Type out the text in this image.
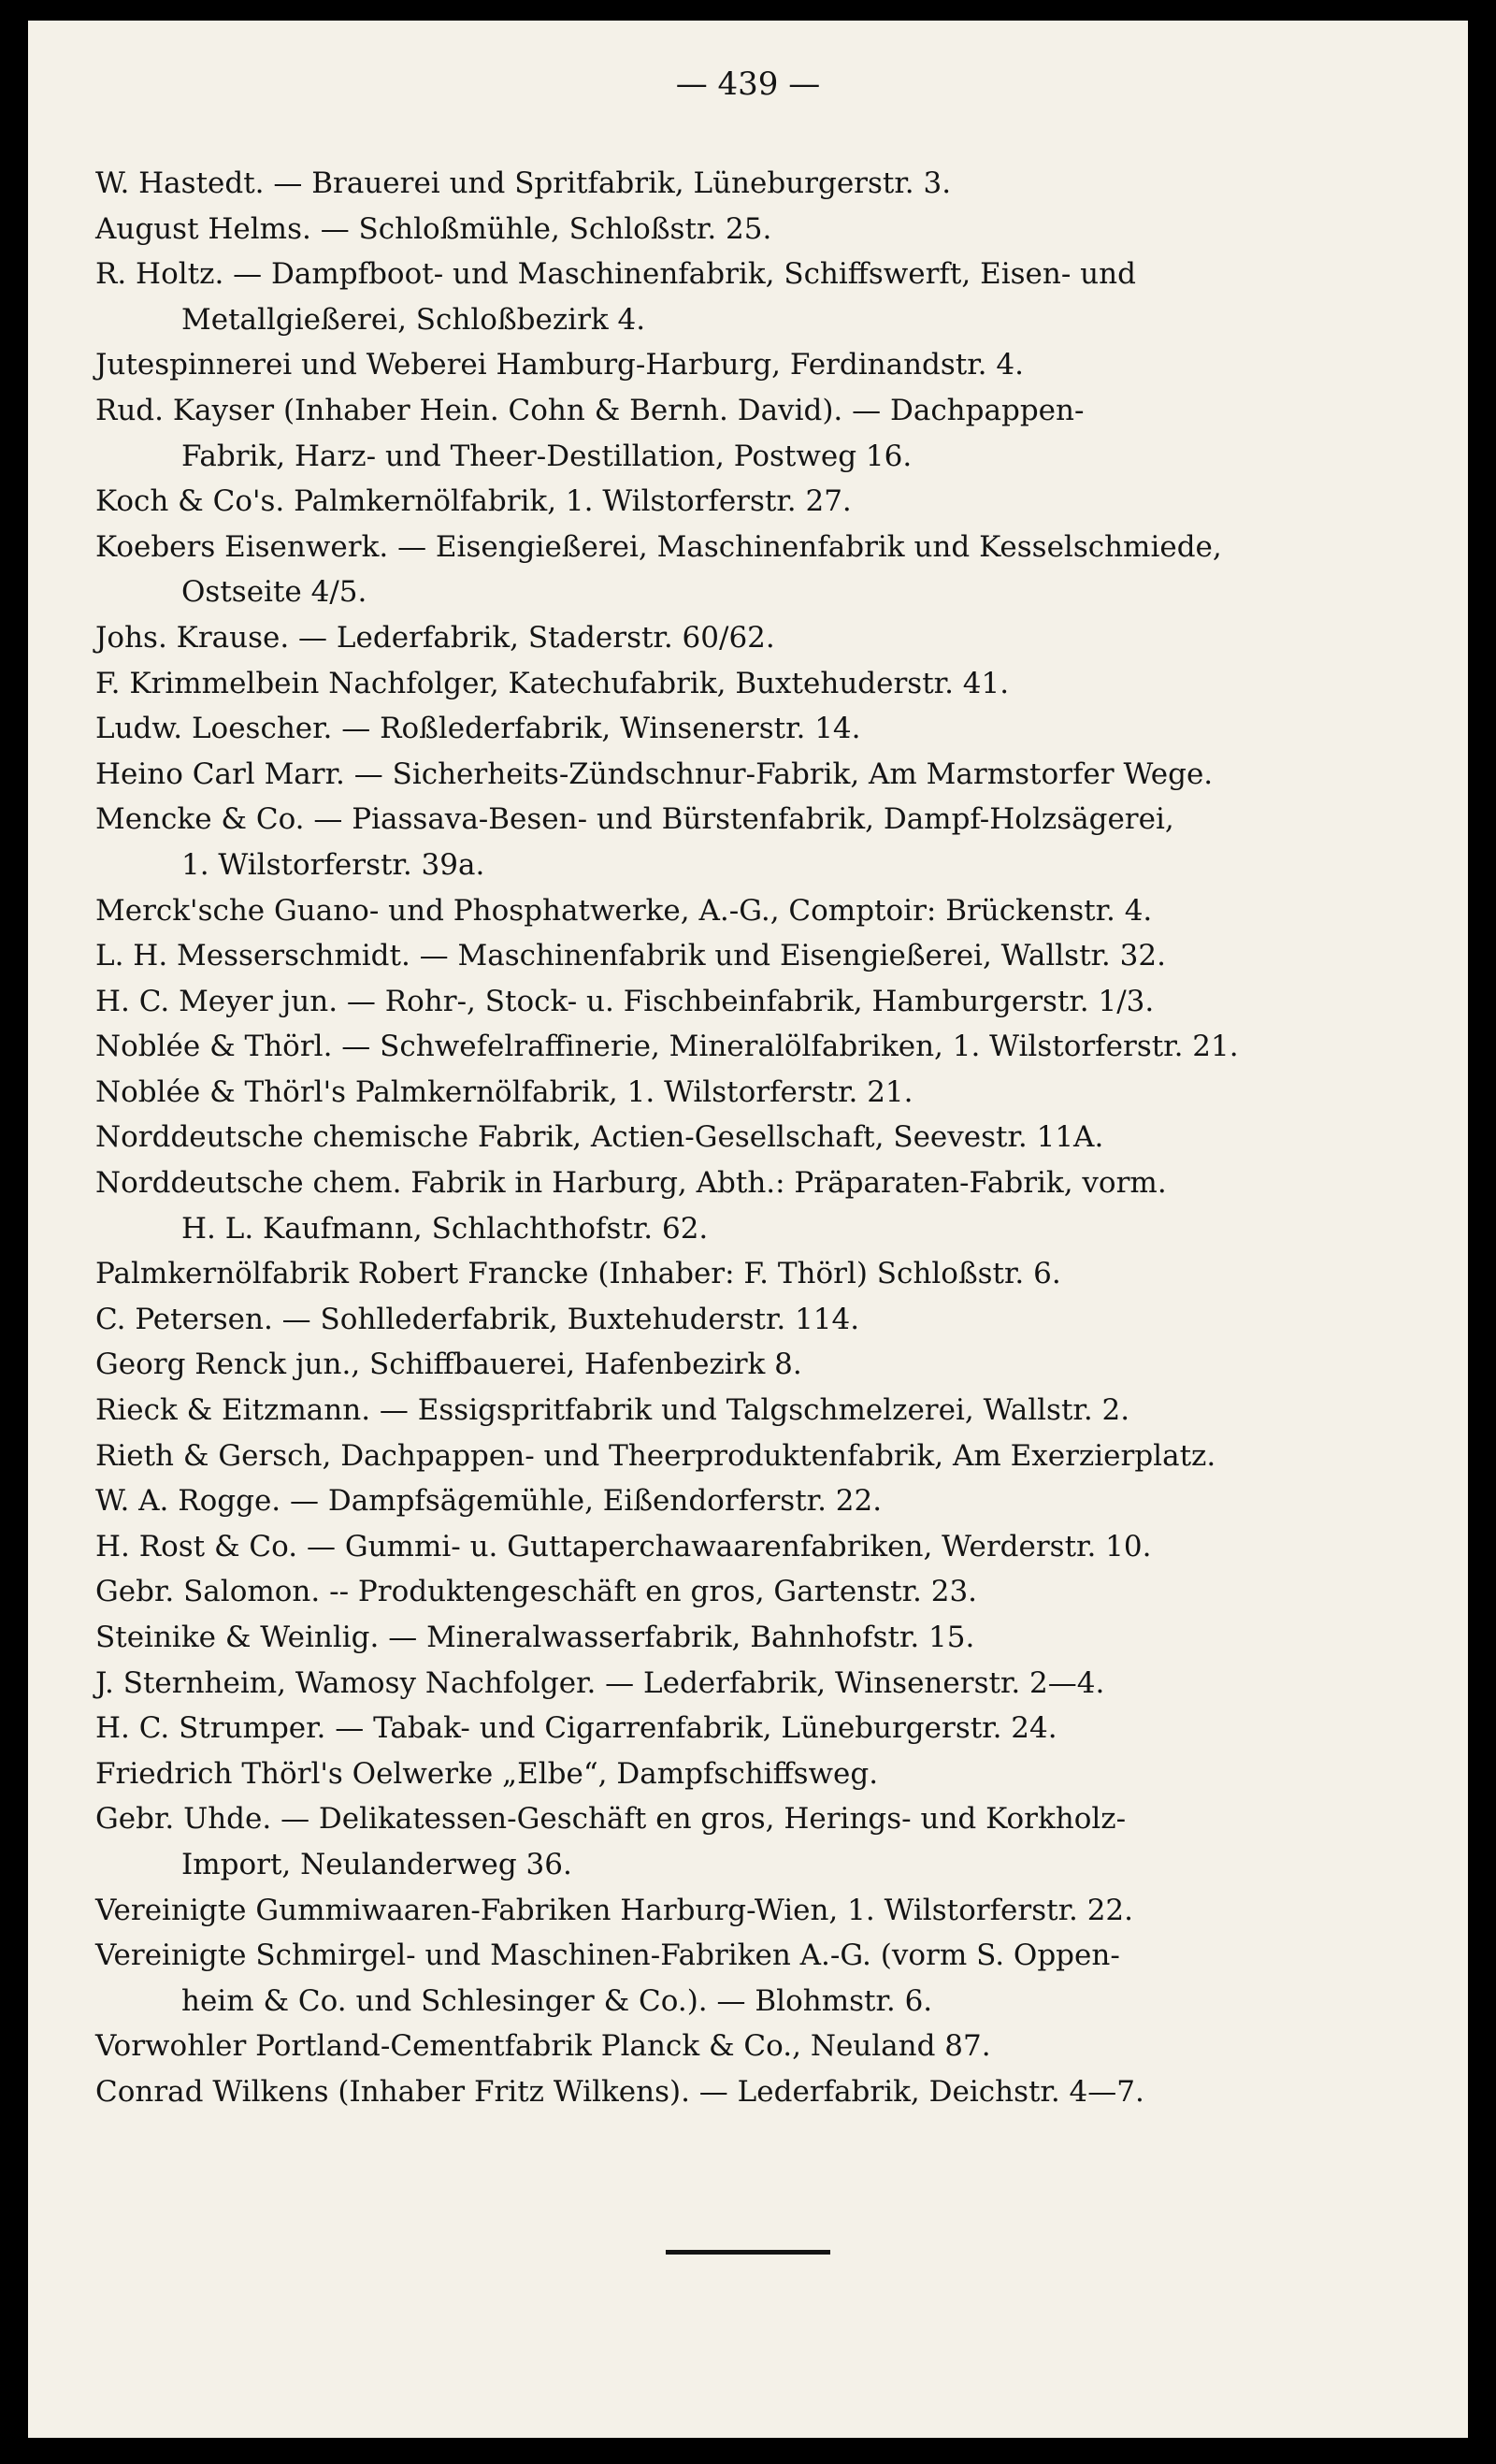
— 439 —
W. Hastedt. — Brauerei und Spritfabrik, Lüneburgerstr. 3.
August Helms. — Schloßmühle, Schloßstr. 25.
R. Holtz. — Dampfboot- und Maschinenfabrik, Schiffswerft, Eisen- und
Metallgießerei, Schloßbezirk 4.
Jutespinnerei und Weberei Hamburg-Harburg, Ferdinandstr. 4.
Rud. Kayser (Inhaber Hein. Cohn & Bernh. David). — Dachpappen-
Fabrik, Harz- und Theer-Destillation, Postweg 16.
Koch & Co's. Palmkernölfabrik, 1. Wilstorferstr. 27.
Koebers Eisenwerk. — Eisengießerei, Maschinenfabrik und Kesselschmiede,
Ostseite 4/5.
Johs. Krause. — Lederfabrik, Staderstr. 60/62.
F. Krimmelbein Nachfolger, Katechufabrik, Buxtehuderstr. 41.
Ludw. Loescher. — Roßlederfabrik, Winsenerstr. 14.
Heino Carl Marr. — Sicherheits-Zündschnur-Fabrik, Am Marmstorfer Wege.
Mencke & Co. — Piassava-Besen- und Bürstenfabrik, Dampf-Holzsägerei,
1. Wilstorferstr. 39a.
Merck'sche Guano- und Phosphatwerke, A.-G., Comptoir: Brückenstr. 4.
L. H. Messerschmidt. — Maschinenfabrik und Eisengießerei, Wallstr. 32.
H. C. Meyer jun. — Rohr-, Stock- u. Fischbeinfabrik, Hamburgerstr. 1/3.
Noblée & Thörl. — Schwefelraffinerie, Mineralölfabriken, 1. Wilstorferstr. 21.
Noblée & Thörl's Palmkernölfabrik, 1. Wilstorferstr. 21.
Norddeutsche chemische Fabrik, Actien-Gesellschaft, Seevestr. 11A.
Norddeutsche chem. Fabrik in Harburg, Abth.: Präparaten-Fabrik, vorm.
H. L. Kaufmann, Schlachthofstr. 62.
Palmkernölfabrik Robert Francke (Inhaber: F. Thörl) Schloßstr. 6.
C. Petersen. — Sohllederfabrik, Buxtehuderstr. 114.
Georg Renck jun., Schiffbauerei, Hafenbezirk 8.
Rieck & Eitzmann. — Essigspritfabrik und Talgschmelzerei, Wallstr. 2.
Rieth & Gersch, Dachpappen- und Theerproduktenfabrik, Am Exerzierplatz.
W. A. Rogge. — Dampfsägemühle, Eißendorferstr. 22.
H. Rost & Co. — Gummi- u. Guttaperchawaarenfabriken, Werderstr. 10.
Gebr. Salomon. -- Produktengeschäft en gros, Gartenstr. 23.
Steinike & Weinlig. — Mineralwasserfabrik, Bahnhofstr. 15.
J. Sternheim, Wamosy Nachfolger. — Lederfabrik, Winsenerstr. 2—4.
H. C. Strumper. — Tabak- und Cigarrenfabrik, Lüneburgerstr. 24.
Friedrich Thörl's Oelwerke „Elbe“, Dampfschiffsweg.
Gebr. Uhde. — Delikatessen-Geschäft en gros, Herings- und Korkholz-
Import, Neulanderweg 36.
Vereinigte Gummiwaaren-Fabriken Harburg-Wien, 1. Wilstorferstr. 22.
Vereinigte Schmirgel- und Maschinen-Fabriken A.-G. (vorm S. Oppen-
heim & Co. und Schlesinger & Co.). — Blohmstr. 6.
Vorwohler Portland-Cementfabrik Planck & Co., Neuland 87.
Conrad Wilkens (Inhaber Fritz Wilkens). — Lederfabrik, Deichstr. 4—7.
